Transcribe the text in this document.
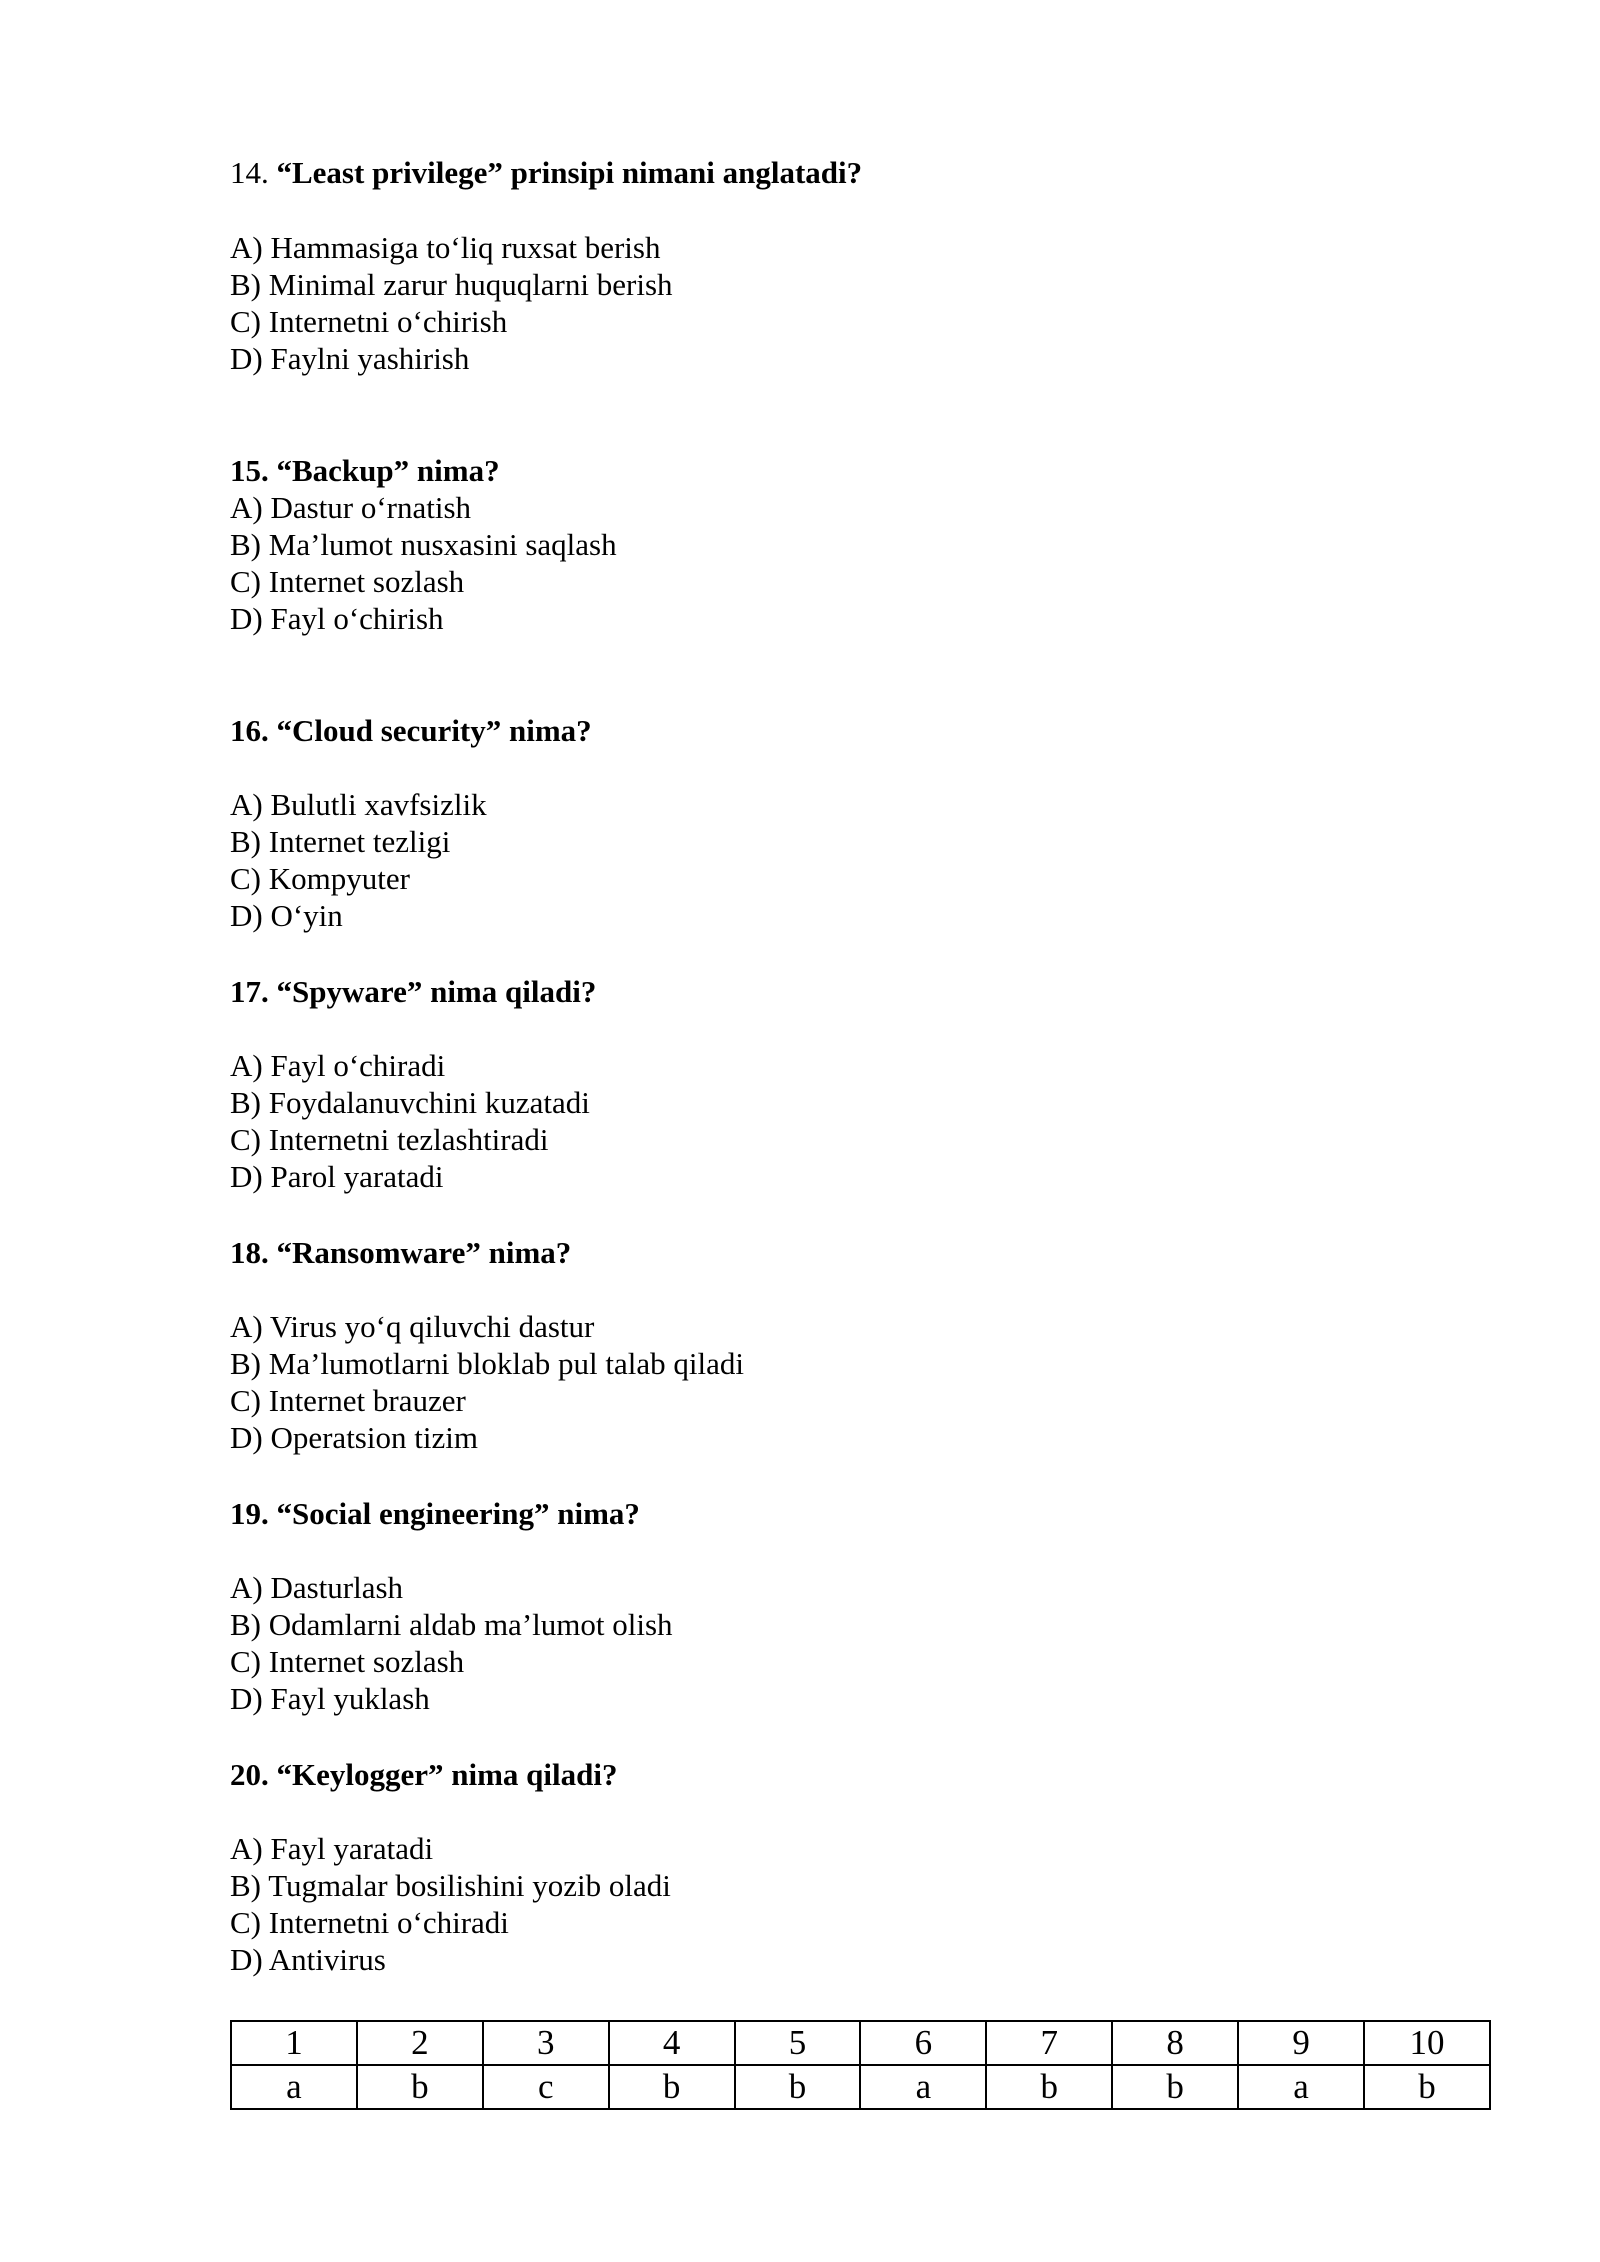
14. “Least privilege” prinsipi nimani anglatadi?
A) Hammasiga to‘liq ruxsat berish
B) Minimal zarur huquqlarni berish
C) Internetni o‘chirish
D) Faylni yashirish
15. “Backup” nima?
A) Dastur o‘rnatish
B) Ma’lumot nusxasini saqlash
C) Internet sozlash
D) Fayl o‘chirish
16. “Cloud security” nima?
A) Bulutli xavfsizlik
B) Internet tezligi
C) Kompyuter
D) O‘yin
17. “Spyware” nima qiladi?
A) Fayl o‘chiradi
B) Foydalanuvchini kuzatadi
C) Internetni tezlashtiradi
D) Parol yaratadi
18. “Ransomware” nima?
A) Virus yo‘q qiluvchi dastur
B) Ma’lumotlarni bloklab pul talab qiladi
C) Internet brauzer
D) Operatsion tizim
19. “Social engineering” nima?
A) Dasturlash
B) Odamlarni aldab ma’lumot olish
C) Internet sozlash
D) Fayl yuklash
20. “Keylogger” nima qiladi?
A) Fayl yaratadi
B) Tugmalar bosilishini yozib oladi
C) Internetni o‘chiradi
D) Antivirus
1	2	3	4	5	6	7	8	9	10
a	b	c	b	b	a	b	b	a	b
